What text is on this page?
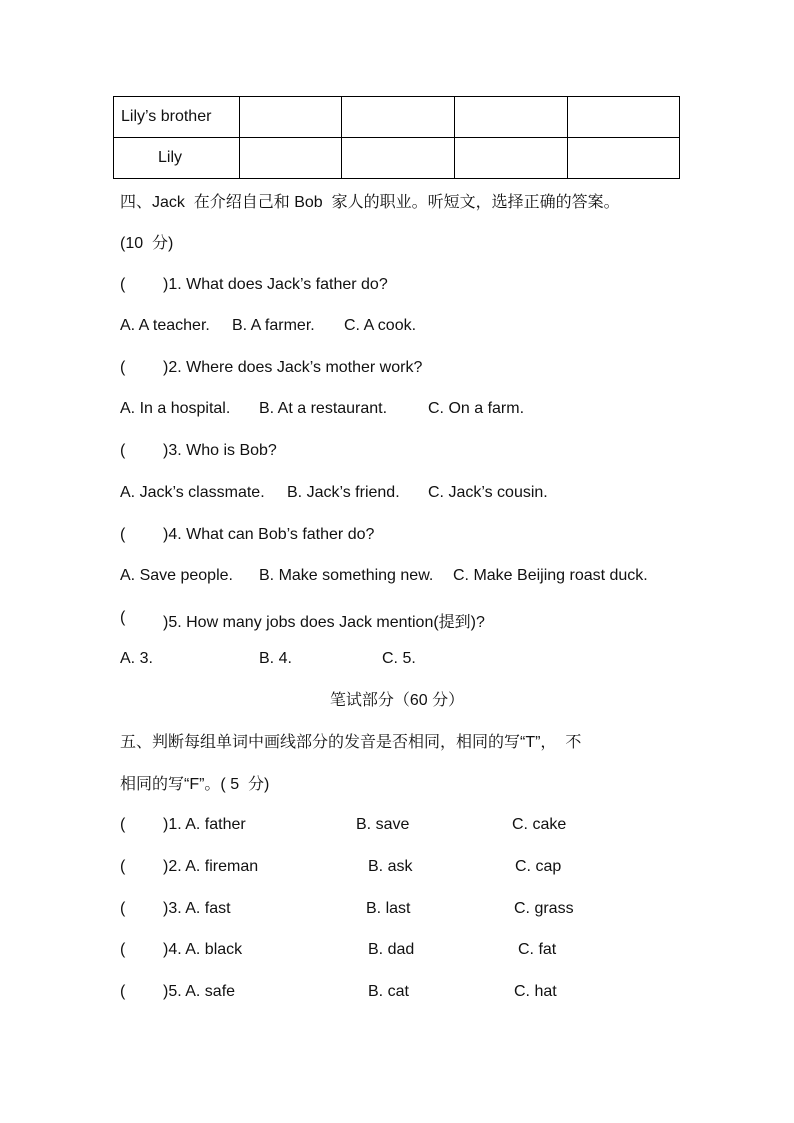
Lily’s brother				
Lily				
四、Jack  在介绍自己和 Bob  家人的职业。听短文，选择正确的答案。
(10  分)
( )1. What does Jack’s father do?
A. A teacher. B. A farmer. C. A cook.
( )2. Where does Jack’s mother work?
A. In a hospital. B. At a restaurant.	C. On a farm.
( )3. Who is Bob?
A. Jack’s classmate. B. Jack’s friend. C. Jack’s cousin.
( )4. What can Bob’s father do?
A. Save people. B. Make something new. C. Make Beijing roast duck.
( )5. How many jobs does Jack mention(提到)?
A. 3.	B. 4.	C. 5.
笔试部分（60 分）
五、判断每组单词中画线部分的发音是否相同，相同的写“T”，  不
相同的写“F”。( 5  分)
( )1. A. father	B. save	C. cake
( )2. A. fireman	B. ask	C. cap
( )3. A. fast	B. last	C. grass
( )4. A. black	B. dad	C. fat
( )5. A. safe	B. cat	C. hat
